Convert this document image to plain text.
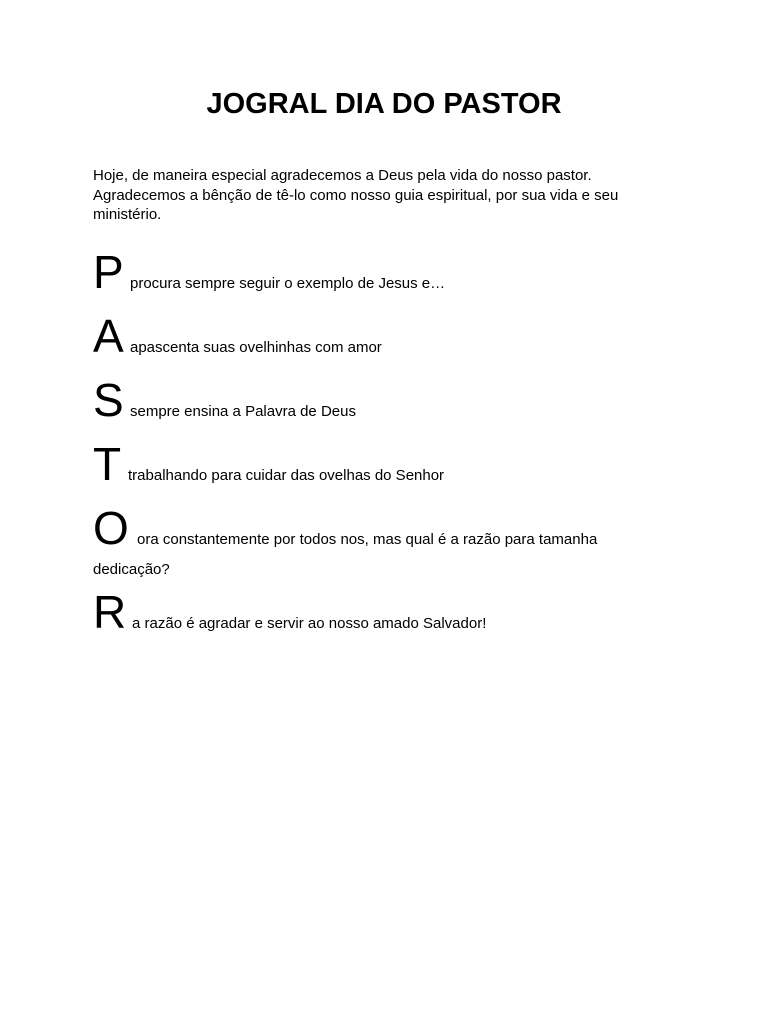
JOGRAL DIA DO PASTOR

Hoje, de maneira especial agradecemos a Deus pela vida do nosso pastor. Agradecemos a bênção de tê-lo como nosso guia espiritual, por sua vida e seu ministério.

P procura sempre seguir o exemplo de Jesus e…
A apascenta suas ovelhinhas com amor
S sempre ensina a Palavra de Deus
T trabalhando para cuidar das ovelhas do Senhor
O ora constantemente por todos nos, mas qual é a razão para tamanha
dedicação?
R a razão é agradar e servir ao nosso amado Salvador!
